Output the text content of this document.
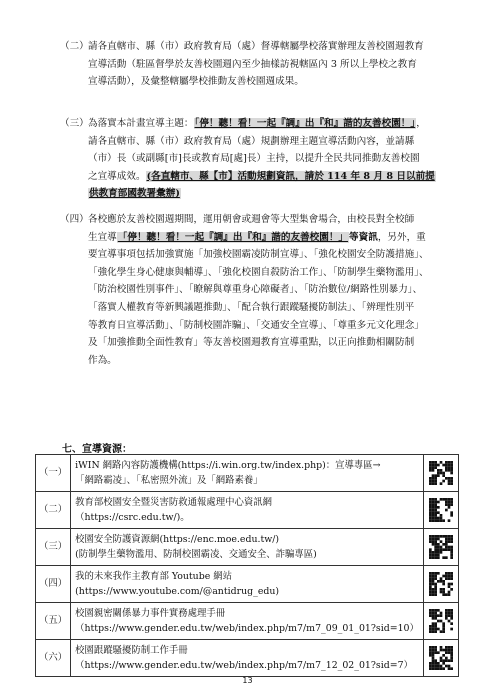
（二） 請各直轄市、縣（市）政府教育局（處）督導轄屬學校落實辦理友善校園週教育
宣導活動（駐區督學於友善校園週內至少抽樣訪視轄區內 3 所以上學校之教育
宣導活動），及彙整轄屬學校推動友善校園週成果。
（三） 為落實本計畫宣導主題：「停！聽！看！一起『調』出『和』諧的友善校園！」，
請各直轄市、縣（市）政府教育局（處）規劃辦理主題宣導活動內容，並請縣
（市）長（或副縣[市]長或教育局[處]長）主持，以提升全民共同推動友善校園
之宣導成效。(各直轄市、縣【市】活動規劃資訊，請於 114 年 8 月 8 日以前提
供教育部國教署彙辦)
（四） 各校應於友善校園週期間，運用朝會或週會等大型集會場合，由校長對全校師
生宣導「停！聽！看！一起『調』出『和』諧的友善校園！」等資訊，另外，重
要宣導事項包括加強實施「加強校園霸凌防制宣導」、「強化校園安全防護措施」、
「強化學生身心健康與輔導」、「強化校園自殺防治工作」、「防制學生藥物濫用」、
「防治校園性別事件」、「瞭解與尊重身心障礙者」、「防治數位/網路性別暴力」、
「落實人權教育等新興議題推動」、「配合執行跟蹤騷擾防制法」、「辨理性別平
等教育日宣導活動」、「防制校園詐騙」、「交通安全宣導」、「尊重多元文化理念」
及「加強推動全面性教育」等友善校園週教育宣導重點，以正向推動相關防制
作為。
七、宣導資源：
（一）	iWIN 網路內容防護機構(https://i.win.org.tw/index.php)：宣導專區→
「網路霸凌」、「私密照外流」及「網路素養」

（二）	教育部校園安全暨災害防救通報處理中心資訊網
（https://csrc.edu.tw/)。

（三）	校園安全防護資源網(https://enc.moe.edu.tw/)
(防制學生藥物濫用、防制校園霸凌、交通安全、詐騙專區)

（四）	我的未來我作主教育部 Youtube 網站
(https://www.youtube.com/@antidrug_edu)

（五）	校園親密關係暴力事件實務處理手冊
（https://www.gender.edu.tw/web/index.php/m7/m7_09_01_01?sid=10）

（六）	校園跟蹤騷擾防制工作手冊
（https://www.gender.edu.tw/web/index.php/m7/m7_12_02_01?sid=7）

13
